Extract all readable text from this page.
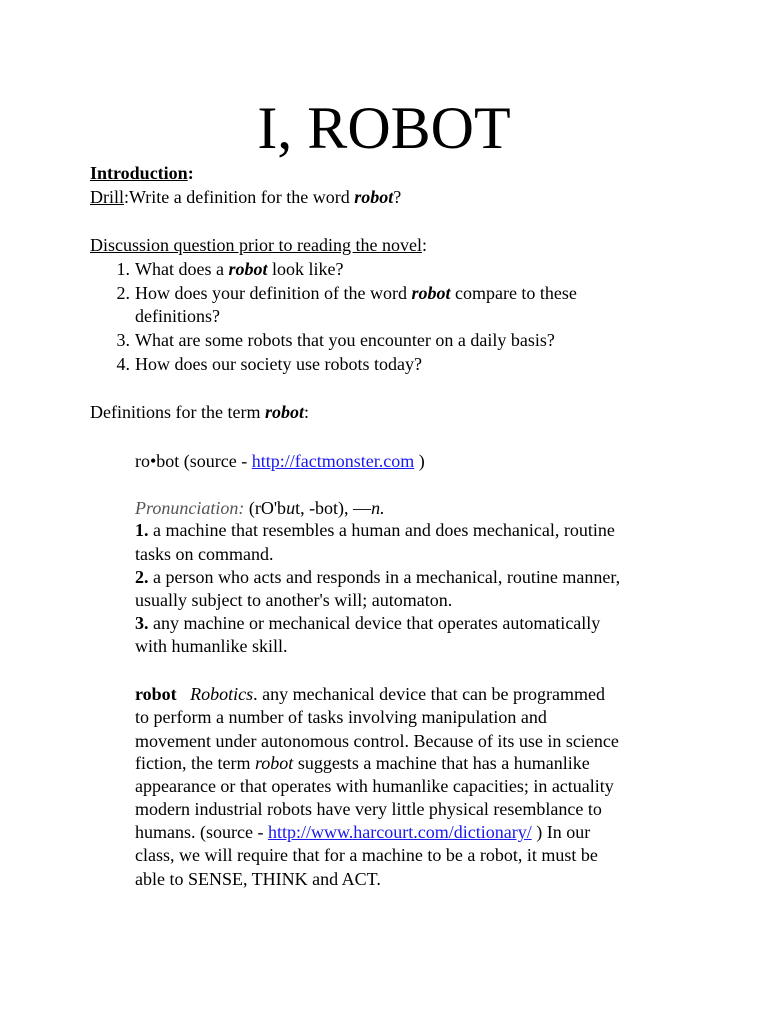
I, ROBOT
Introduction:
Drill:Write a definition for the word robot?
Discussion question prior to reading the novel:
1. What does a robot look like?
2. How does your definition of the word robot compare to these
definitions?
3. What are some robots that you encounter on a daily basis?
4. How does our society use robots today?
Definitions for the term robot:
ro•bot (source - http://factmonster.com )
Pronunciation: (rO'but, -bot), —n.
1. a machine that resembles a human and does mechanical, routine
tasks on command.
2. a person who acts and responds in a mechanical, routine manner,
usually subject to another's will; automaton.
3. any machine or mechanical device that operates automatically
with humanlike skill.
robot Robotics. any mechanical device that can be programmed
to perform a number of tasks involving manipulation and
movement under autonomous control. Because of its use in science
fiction, the term robot suggests a machine that has a humanlike
appearance or that operates with humanlike capacities; in actuality
modern industrial robots have very little physical resemblance to
humans. (source - http://www.harcourt.com/dictionary/ ) In our
class, we will require that for a machine to be a robot, it must be
able to SENSE, THINK and ACT.
